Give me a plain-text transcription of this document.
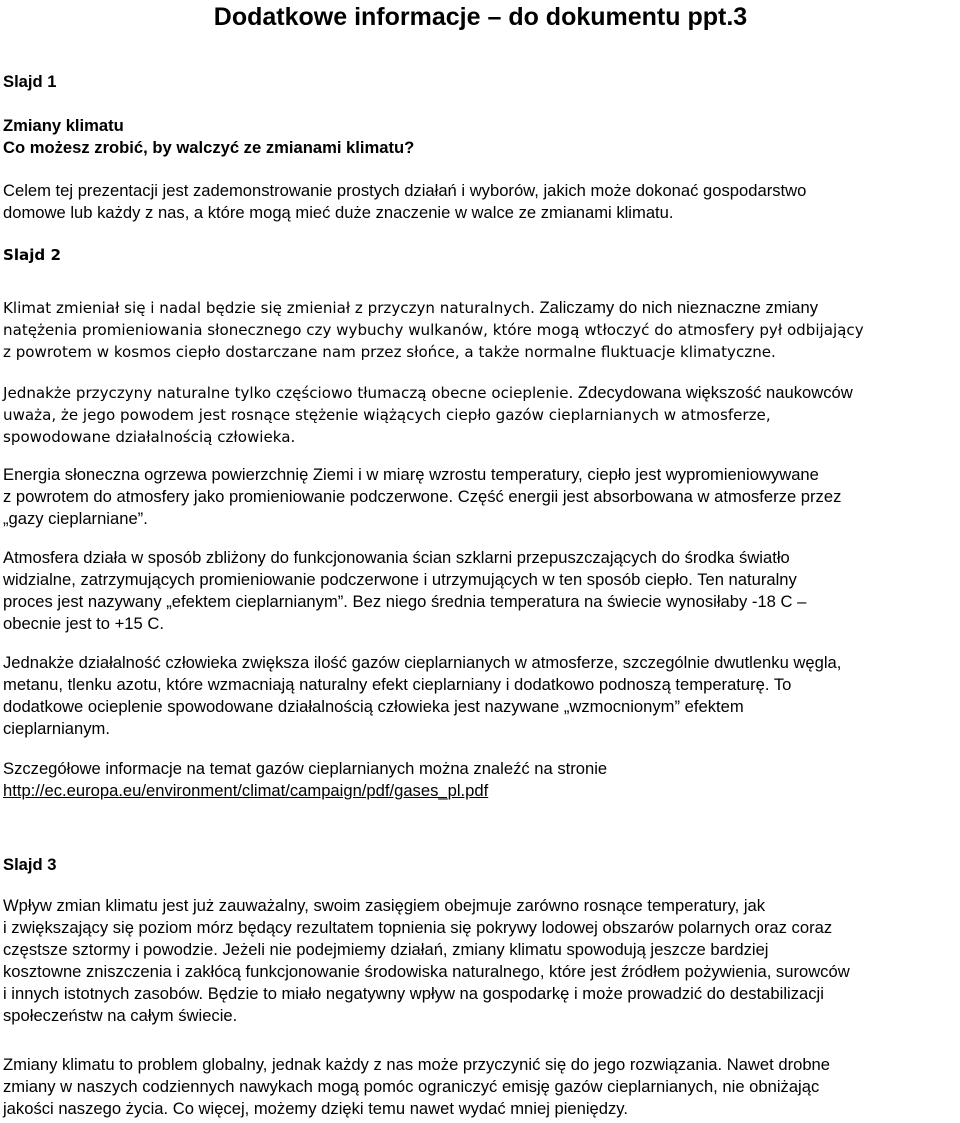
Dodatkowe informacje – do dokumentu ppt.3
Slajd 1
Zmiany klimatu
Co możesz zrobić, by walczyć ze zmianami klimatu?
Celem tej prezentacji jest zademonstrowanie prostych działań i wyborów, jakich może dokonać gospodarstwo
domowe lub każdy z nas, a które mogą mieć duże znaczenie w walce ze zmianami klimatu.
Slajd 2
Klimat zmieniał się i nadal będzie się zmieniał z przyczyn naturalnych. Zaliczamy do nich nieznaczne zmiany
natężenia promieniowania słonecznego czy wybuchy wulkanów, które mogą wtłoczyć do atmosfery pył odbijający
z powrotem w kosmos ciepło dostarczane nam przez słońce, a także normalne fluktuacje klimatyczne.
Jednakże przyczyny naturalne tylko częściowo tłumaczą obecne ocieplenie. Zdecydowana większość naukowców
uważa, że jego powodem jest rosnące stężenie wiążących ciepło gazów cieplarnianych w atmosferze,
spowodowane działalnością człowieka.
Energia słoneczna ogrzewa powierzchnię Ziemi i w miarę wzrostu temperatury, ciepło jest wypromieniowywane
z powrotem do atmosfery jako promieniowanie podczerwone. Część energii jest absorbowana w atmosferze przez
„gazy cieplarniane”.
Atmosfera działa w sposób zbliżony do funkcjonowania ścian szklarni przepuszczających do środka światło
widzialne, zatrzymujących promieniowanie podczerwone i utrzymujących w ten sposób ciepło. Ten naturalny
proces jest nazywany „efektem cieplarnianym”. Bez niego średnia temperatura na świecie wynosiłaby -18 C –
obecnie jest to +15 C.
Jednakże działalność człowieka zwiększa ilość gazów cieplarnianych w atmosferze, szczególnie dwutlenku węgla,
metanu, tlenku azotu, które wzmacniają naturalny efekt cieplarniany i dodatkowo podnoszą temperaturę. To
dodatkowe ocieplenie spowodowane działalnością człowieka jest nazywane „wzmocnionym” efektem
cieplarnianym.
Szczegółowe informacje na temat gazów cieplarnianych można znaleźć na stronie
http://ec.europa.eu/environment/climat/campaign/pdf/gases_pl.pdf
Slajd 3
Wpływ zmian klimatu jest już zauważalny, swoim zasięgiem obejmuje zarówno rosnące temperatury, jak
i zwiększający się poziom mórz będący rezultatem topnienia się pokrywy lodowej obszarów polarnych oraz coraz
częstsze sztormy i powodzie. Jeżeli nie podejmiemy działań, zmiany klimatu spowodują jeszcze bardziej
kosztowne zniszczenia i zakłócą funkcjonowanie środowiska naturalnego, które jest źródłem pożywienia, surowców
i innych istotnych zasobów. Będzie to miało negatywny wpływ na gospodarkę i może prowadzić do destabilizacji
społeczeństw na całym świecie.
Zmiany klimatu to problem globalny, jednak każdy z nas może przyczynić się do jego rozwiązania. Nawet drobne
zmiany w naszych codziennych nawykach mogą pomóc ograniczyć emisję gazów cieplarnianych, nie obniżając
jakości naszego życia. Co więcej, możemy dzięki temu nawet wydać mniej pieniędzy.
